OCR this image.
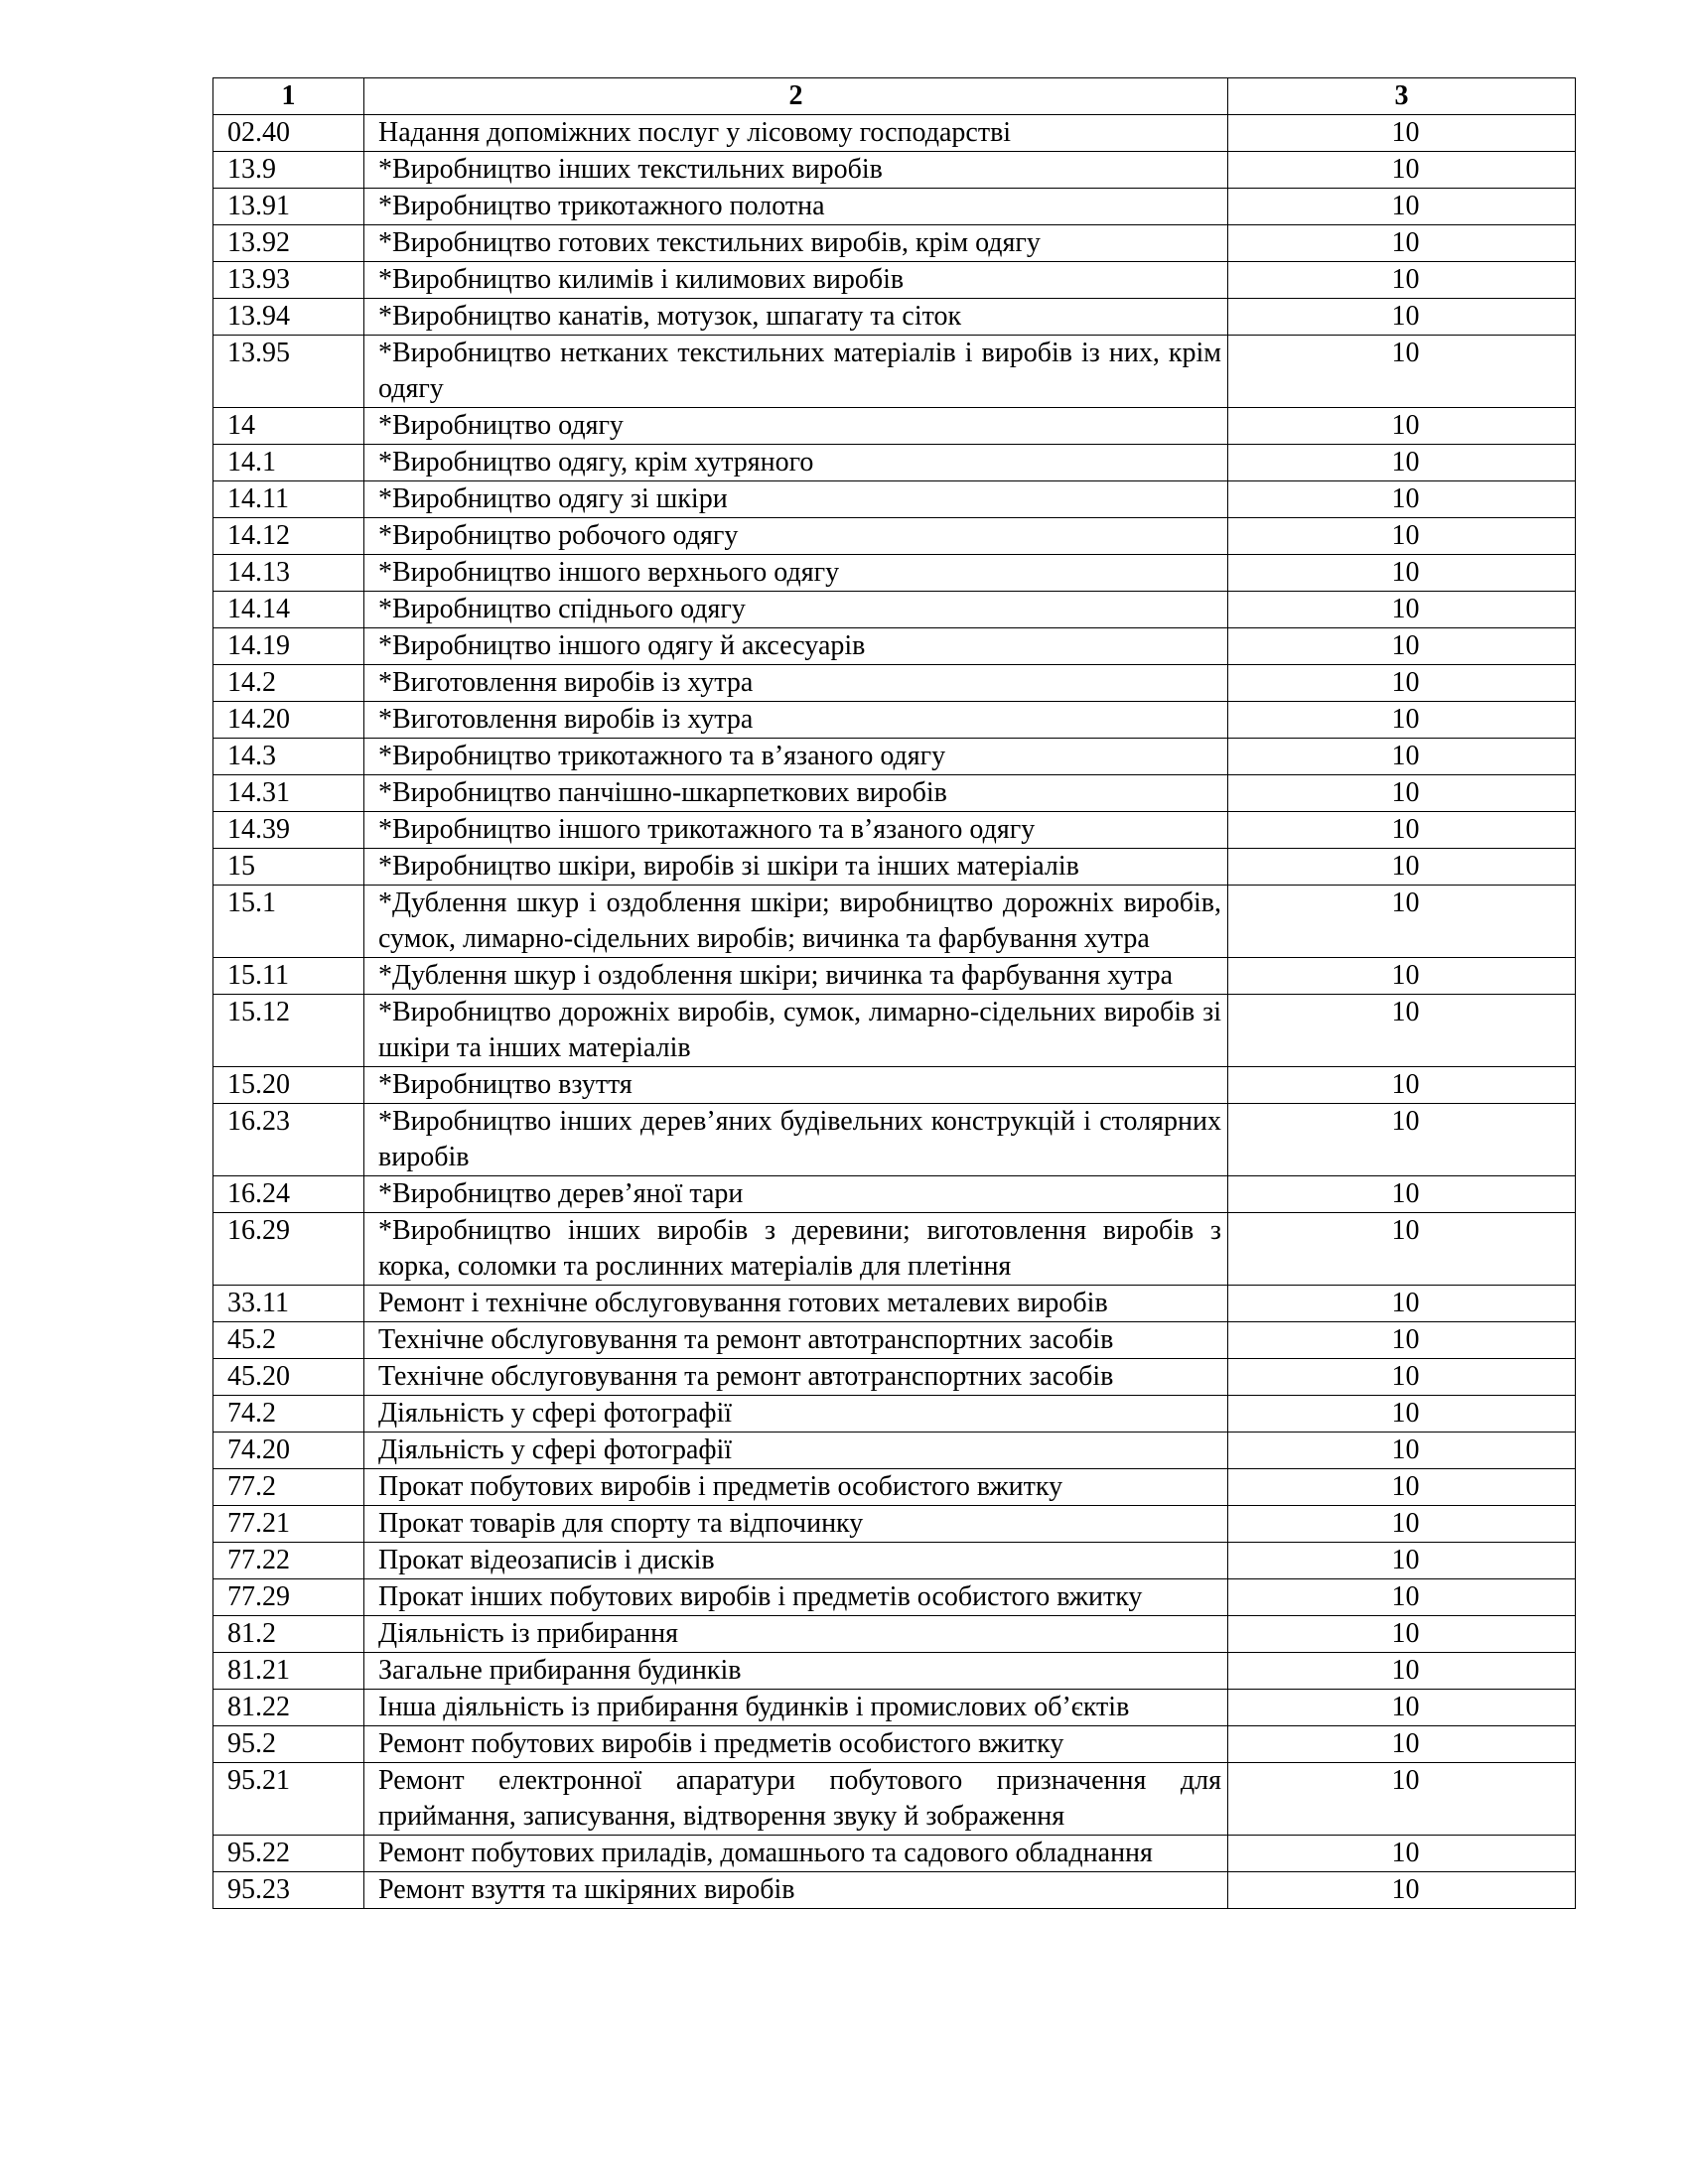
1	2	3
02.40	Надання допоміжних послуг у лісовому господарстві	10
13.9	*Виробництво інших текстильних виробів	10
13.91	*Виробництво трикотажного полотна	10
13.92	*Виробництво готових текстильних виробів, крім одягу	10
13.93	*Виробництво килимів і килимових виробів	10
13.94	*Виробництво канатів, мотузок, шпагату та сіток	10
13.95	*Виробництво нетканих текстильних матеріалів і виробів із них, крім одягу	10
14	*Виробництво одягу	10
14.1	*Виробництво одягу, крім хутряного	10
14.11	*Виробництво одягу зі шкіри	10
14.12	*Виробництво робочого одягу	10
14.13	*Виробництво іншого верхнього одягу	10
14.14	*Виробництво спіднього одягу	10
14.19	*Виробництво іншого одягу й аксесуарів	10
14.2	*Виготовлення виробів із хутра	10
14.20	*Виготовлення виробів із хутра	10
14.3	*Виробництво трикотажного та в’язаного одягу	10
14.31	*Виробництво панчішно-шкарпеткових виробів	10
14.39	*Виробництво іншого трикотажного та в’язаного одягу	10
15	*Виробництво шкіри, виробів зі шкіри та інших матеріалів	10
15.1	*Дублення шкур і оздоблення шкіри; виробництво дорожніх виробів, сумок, лимарно-сідельних виробів; вичинка та фарбування хутра	10
15.11	*Дублення шкур і оздоблення шкіри; вичинка та фарбування хутра	10
15.12	*Виробництво дорожніх виробів, сумок, лимарно-сідельних виробів зі шкіри та інших матеріалів	10
15.20	*Виробництво взуття	10
16.23	*Виробництво інших дерев’яних будівельних конструкцій і столярних виробів	10
16.24	*Виробництво дерев’яної тари	10
16.29	*Виробництво інших виробів з деревини; виготовлення виробів з корка, соломки та рослинних матеріалів для плетіння	10
33.11	Ремонт і технічне обслуговування готових металевих виробів	10
45.2	Технічне обслуговування та ремонт автотранспортних засобів	10
45.20	Технічне обслуговування та ремонт автотранспортних засобів	10
74.2	Діяльність у сфері фотографії	10
74.20	Діяльність у сфері фотографії	10
77.2	Прокат побутових виробів і предметів особистого вжитку	10
77.21	Прокат товарів для спорту та відпочинку	10
77.22	Прокат відеозаписів і дисків	10
77.29	Прокат інших побутових виробів і предметів особистого вжитку	10
81.2	Діяльність із прибирання	10
81.21	Загальне прибирання будинків	10
81.22	Інша діяльність із прибирання будинків і промислових об’єктів	10
95.2	Ремонт побутових виробів і предметів особистого вжитку	10
95.21	Ремонт електронної апаратури побутового призначення для приймання, записування, відтворення звуку й зображення	10
95.22	Ремонт побутових приладів, домашнього та садового обладнання	10
95.23	Ремонт взуття та шкіряних виробів	10
